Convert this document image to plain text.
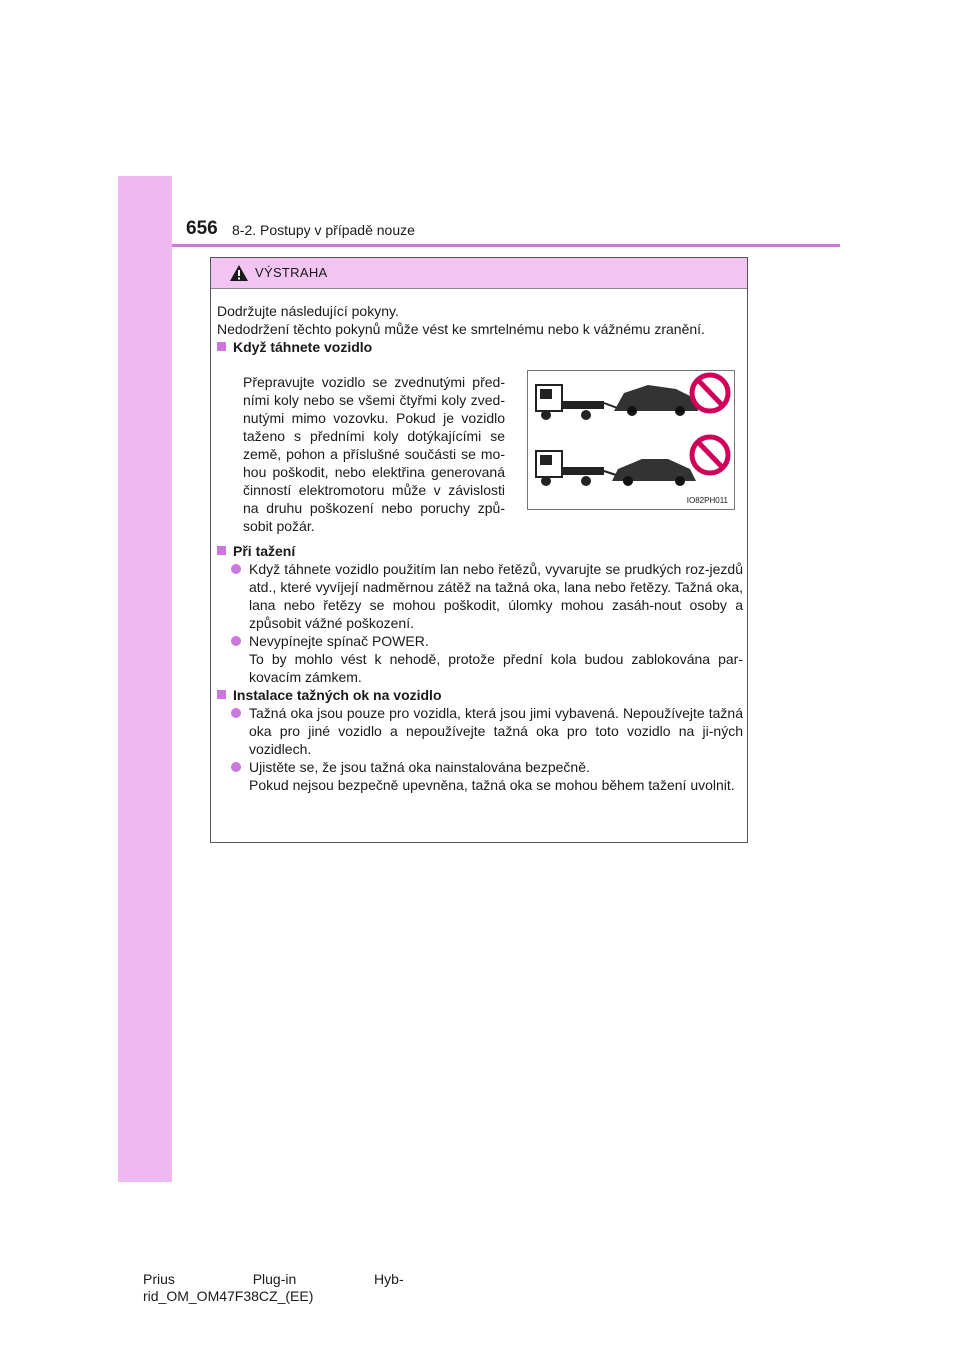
656 8-2. Postupy v případě nouze
VÝSTRAHA

Dodržujte následující pokyny.

Nedodržení těchto pokynů může vést ke smrtelnému nebo k vážnému zranění.

Když táhnete vozidlo

Přepravujte vozidlo se zvednutými před-ními koly nebo se všemi čtyřmi koly zved-nutými mimo vozovku. Pokud je vozidlo taženo s předními koly dotýkajícími se země, pohon a příslušné součásti se mo-hou poškodit, nebo elektřina generovaná činností elektromotoru může v závislosti na druhu poškození nebo poruchy způ-sobit požár.

IO82PH011

Při tažení

Když táhnete vozidlo použitím lan nebo řetězů, vyvarujte se prudkých roz-jezdů atd., které vyvíjejí nadměrnou zátěž na tažná oka, lana nebo řetězy. Tažná oka, lana nebo řetězy se mohou poškodit, úlomky mohou zasáh-nout osoby a způsobit vážné poškození.

Nevypínejte spínač POWER.

To by mohlo vést k nehodě, protože přední kola budou zablokována par-kovacím zámkem.

Instalace tažných ok na vozidlo

Tažná oka jsou pouze pro vozidla, která jsou jimi vybavená. Nepoužívejte tažná oka pro jiné vozidlo a nepoužívejte tažná oka pro toto vozidlo na ji-ných vozidlech.

Ujistěte se, že jsou tažná oka nainstalována bezpečně.

Pokud nejsou bezpečně upevněna, tažná oka se mohou během tažení uvolnit.

Prius                    Plug-in                    Hyb-
rid_OM_OM47F38CZ_(EE)
